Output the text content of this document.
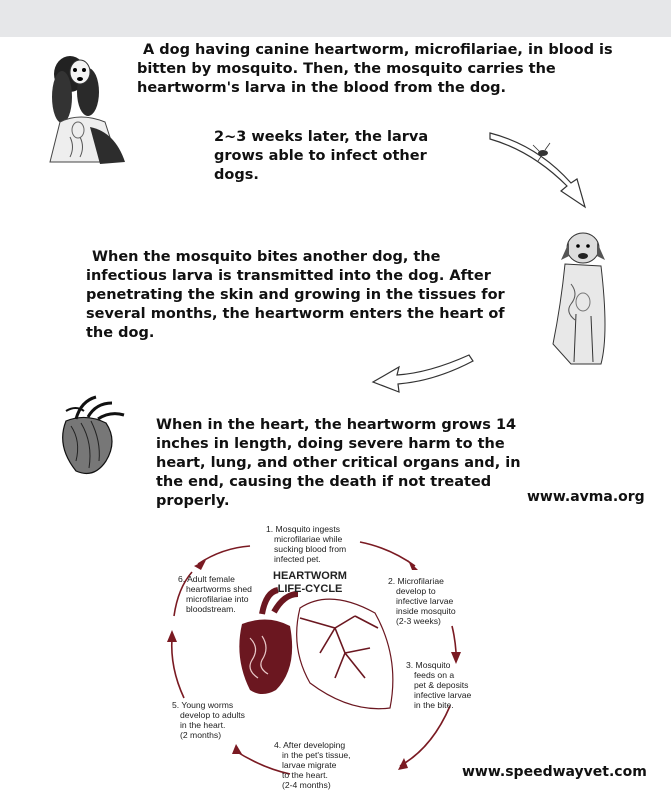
A dog having canine heartworm, microfilariae, in blood is bitten by mosquito. Then, the mosquito carries the heartworm's larva in the blood from the dog.

2~3 weeks later, the larva grows able to infect other dogs.

When the mosquito bites another dog, the infectious larva is transmitted into the dog. After penetrating the skin and growing in the tissues for several months, the heartworm enters the heart of the dog.

When in the heart, the heartworm grows 14 inches in length, doing severe harm to the heart, lung, and other critical organs and, in the end, causing the death if not treated properly.	www.avma.org
HEARTWORM
LIFE-CYCLE
1. Mosquito ingests
microfilariae while
sucking blood from
infected pet.
2. Microfilariae
develop to
infective larvae
inside mosquito
(2-3 weeks)
3. Mosquito
feeds on a
pet & deposits
infective larvae
in the bite.
4. After developing
in the pet's tissue,
larvae migrate
to the heart.
(2-4 months)
5. Young worms
develop to adults
in the heart.
(2 months)
6. Adult female
heartworms shed
microfilariae into
bloodstream.
www.speedwayvet.com
